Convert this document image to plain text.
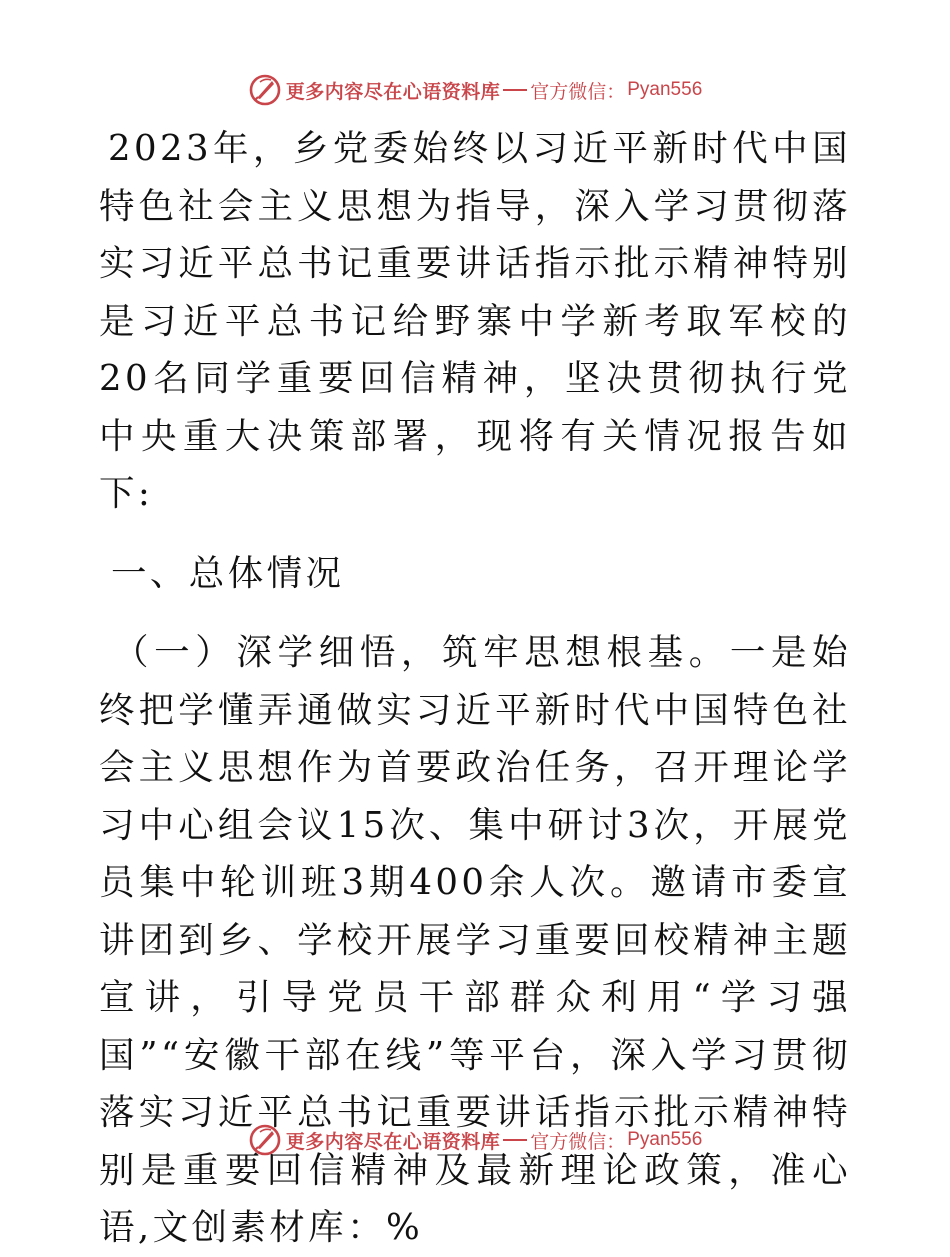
更多内容尽在心语资料库 官方微信： Pyan556

2023年，乡党委始终以习近平新时代中国特色社会主义思想为指导，深入学习贯彻落实习近平总书记重要讲话指示批示精神特别是习近平总书记给野寨中学新考取军校的20名同学重要回信精神，坚决贯彻执行党中央重大决策部署，现将有关情况报告如下:

一、总体情况

（一）深学细悟，筑牢思想根基。一是始终把学懂弄通做实习近平新时代中国特色社会主义思想作为首要政治任务，召开理论学习中心组会议15次、集中研讨3次，开展党员集中轮训班3期400余人次。邀请市委宣讲团到乡、学校开展学习重要回校精神主题宣讲，引导党员干部群众利用“学习强国”“安徽干部在线”等平台，深入学习贯彻落实习近平总书记重要讲话指示批示精神特别是重要回信精神及最新理论政策，准心语,文创素材库：%

更多内容尽在心语资料库 官方微信： Pyan556
